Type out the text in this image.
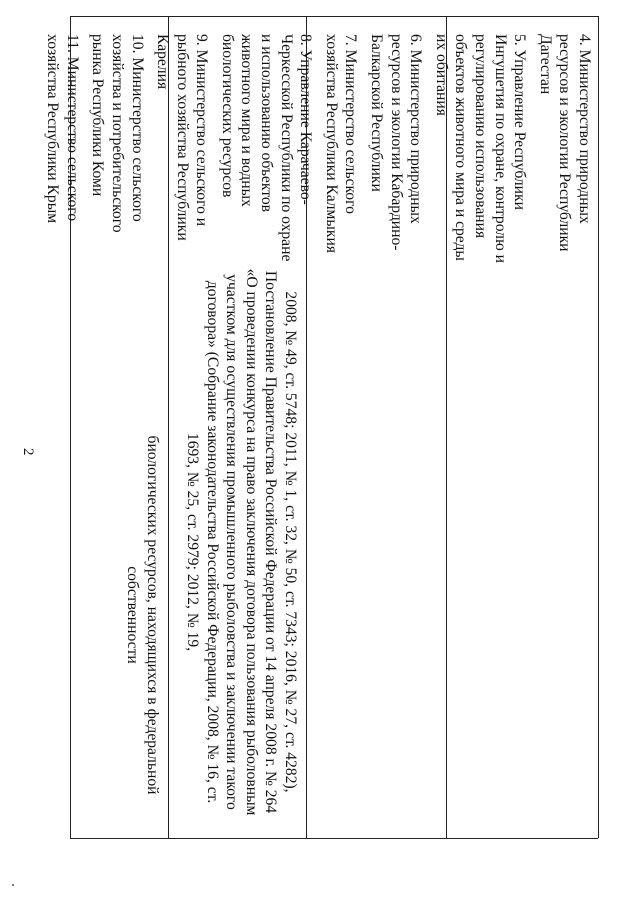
2	биологических ресурсов, находящихся в федеральной собственности	2008, № 49, ст. 5748; 2011, № 1, ст. 32, № 50, ст. 7343; 2016, № 27, ст. 4282), Постановление Правительства Российской Федерации от 14 апреля 2008 г. № 264 «О проведении конкурса на право заключения договора пользования рыболовным участком для осуществления промышленного рыболовства и заключении такого договора» (Собрание законодательства Российской Федерации, 2008, № 16, ст. 1693, № 25, ст. 2979; 2012, № 19,

4. Министерство природных ресурсов и экологии Республики Дагестан

5. Управление Республики Ингушетия по охране, контролю и регулированию использования объектов животного мира и среды их обитания

6. Министерство природных ресурсов и экологии Кабардино-Балкарской Республики

7. Министерство сельского хозяйства Республики Калмыкия

8. Управление Карачаево-Черкесской Республики по охране и использованию объектов животного мира и водных биологических ресурсов

9. Министерство сельского и рыбного хозяйства Республики Карелия

10. Министерство сельского хозяйства и потребительского рынка Республики Коми

11. Министерство сельского хозяйства Республики Крым
